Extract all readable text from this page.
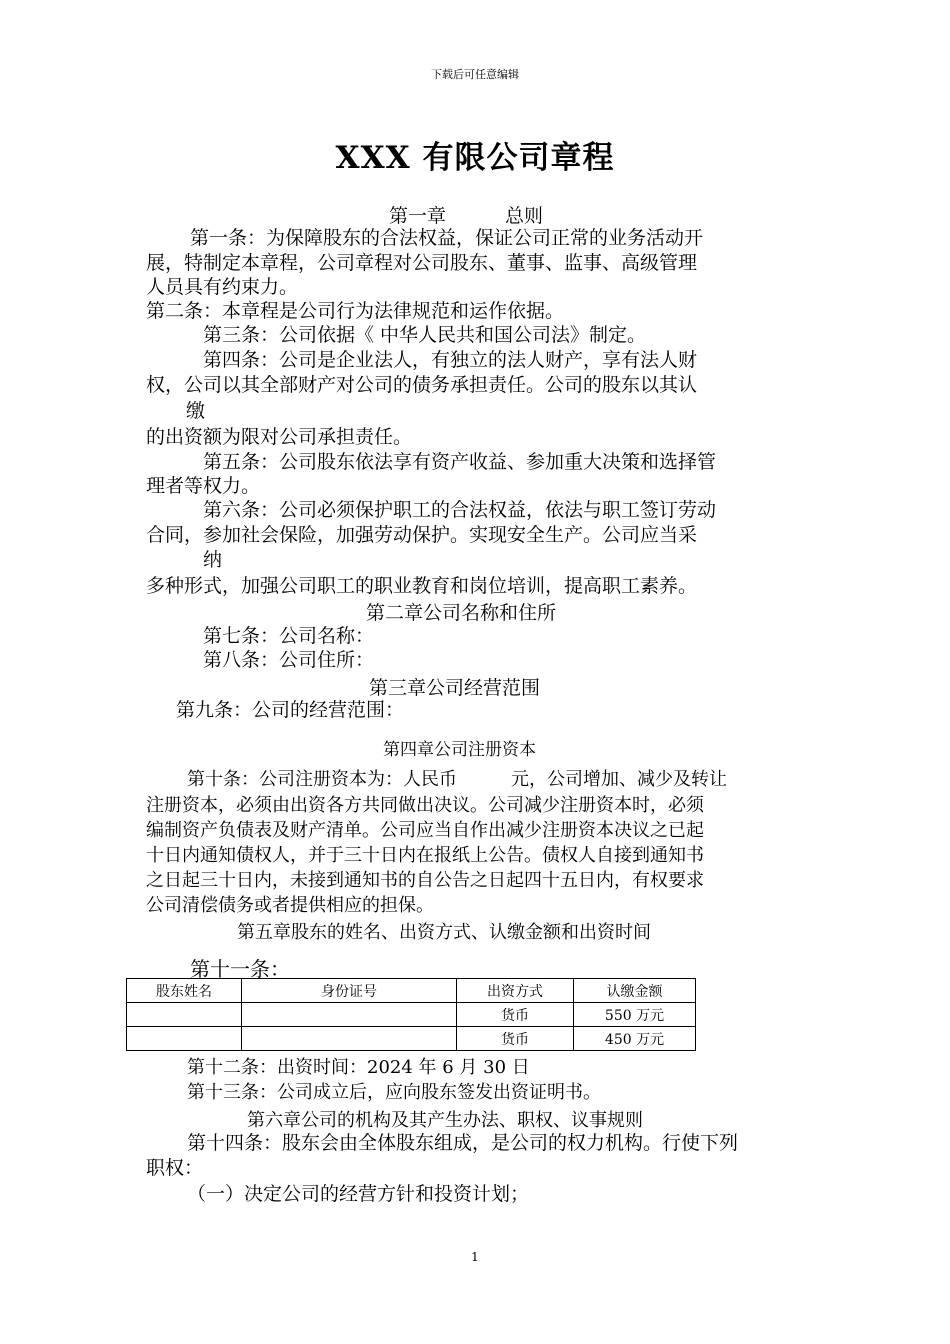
下载后可任意编辑
XXX 有限公司章程
第一章	总则
第一条：为保障股东的合法权益，保证公司正常的业务活动开
展，特制定本章程，公司章程对公司股东、董事、监事、高级管理
人员具有约束力。
第二条：本章程是公司行为法律规范和运作依据。
第三条：公司依据《 中华人民共和国公司法》制定。
第四条：公司是企业法人，有独立的法人财产，享有法人财
权，公司以其全部财产对公司的债务承担责任。公司的股东以其认
缴
的出资额为限对公司承担责任。
第五条：公司股东依法享有资产收益、参加重大决策和选择管
理者等权力。
第六条：公司必须保护职工的合法权益，依法与职工签订劳动
合同，参加社会保险，加强劳动保护。实现安全生产。公司应当采
纳
多种形式，加强公司职工的职业教育和岗位培训，提高职工素养。
第二章公司名称和住所
第七条：公司名称：
第八条：公司住所：
第三章公司经营范围
第九条：公司的经营范围：
第四章公司注册资本
第十条：公司注册资本为：人民币　　　元，公司增加、减少及转让
注册资本，必须由出资各方共同做出决议。公司减少注册资本时，必须
编制资产负债表及财产清单。公司应当自作出减少注册资本决议之已起
十日内通知债权人，并于三十日内在报纸上公告。债权人自接到通知书
之日起三十日内，未接到通知书的自公告之日起四十五日内，有权要求
公司清偿债务或者提供相应的担保。
第五章股东的姓名、出资方式、认缴金额和出资时间
第十一条：
股东姓名	身份证号	出资方式	认缴金额
		货币	550 万元
		货币	450 万元
第十二条：出资时间：2024 年 6 月 30 日
第十三条：公司成立后，应向股东签发出资证明书。
第六章公司的机构及其产生办法、职权、议事规则
第十四条：股东会由全体股东组成，是公司的权力机构。行使下列
职权：
（一）决定公司的经营方针和投资计划；
1
